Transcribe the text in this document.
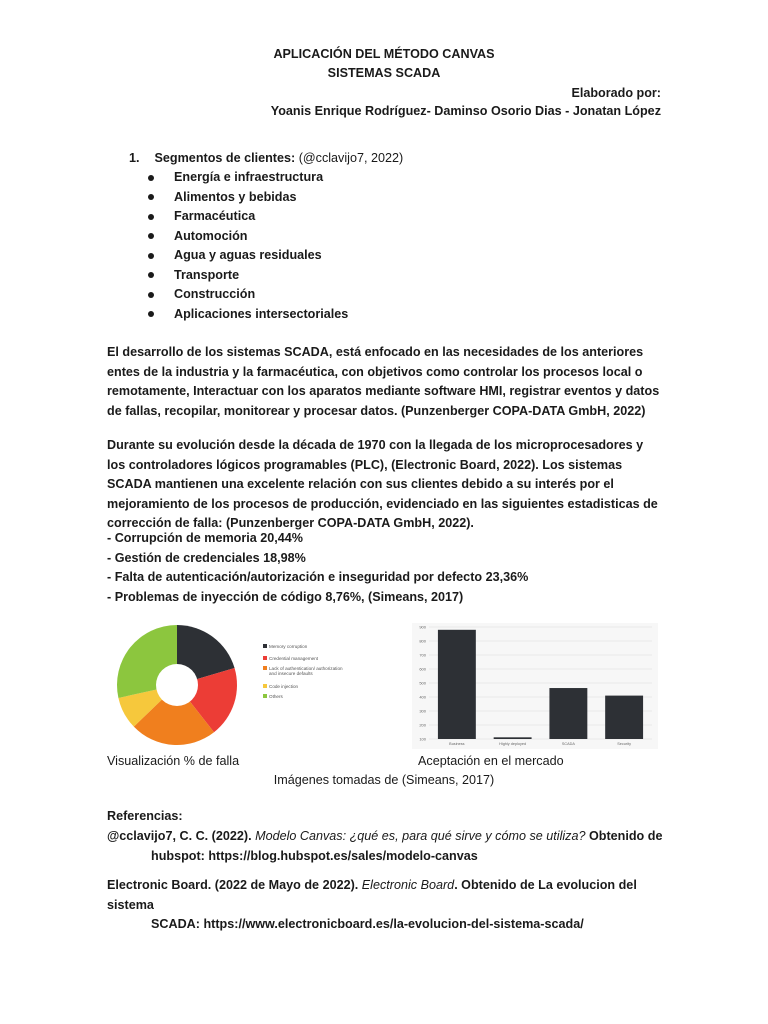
APLICACIÓN DEL MÉTODO CANVAS
SISTEMAS SCADA
Elaborado por:
Yoanis Enrique Rodríguez- Daminso Osorio Dias - Jonatan López
1. Segmentos de clientes: (@cclavijo7, 2022)
Energía e infraestructura
Alimentos y bebidas
Farmacéutica
Automoción
Agua y aguas residuales
Transporte
Construcción
Aplicaciones intersectoriales

El desarrollo de los sistemas SCADA, está enfocado en las necesidades de los anteriores entes de la industria y la farmacéutica, con objetivos como controlar los procesos local o remotamente, Interactuar con los aparatos mediante software HMI, registrar eventos y datos de fallas, recopilar, monitorear y procesar datos. (Punzenberger COPA-DATA GmbH, 2022)

Durante su evolución desde la década de 1970 con la llegada de los microprocesadores y los controladores lógicos programables (PLC), (Electronic Board, 2022). Los sistemas SCADA mantienen una excelente relación con sus clientes debido a su interés por el mejoramiento de los procesos de producción, evidenciado en las siguientes estadisticas de corrección de falla: (Punzenberger COPA-DATA GmbH, 2022).

- Corrupción de memoria 20,44%

- Gestión de credenciales 18,98%

- Falta de autenticación/autorización e inseguridad por defecto 23,36%

- Problemas de inyección de código 8,76%, (Simeans, 2017)

Memory corruption
Credential management
Lack of authentication/ authorization and insecure defaults
Code injection
Others
100
200
300
400
500
600
700
800
900
Business	Highly deployed	SCADA	Security
Visualización % de falla	Aceptación en el mercado
Imágenes tomadas de (Simeans, 2017)
Referencias:
@cclavijo7, C. C. (2022). Modelo Canvas: ¿qué es, para qué sirve y cómo se utiliza? Obtenido de
hubspot: https://blog.hubspot.es/sales/modelo-canvas
Electronic Board. (2022 de Mayo de 2022). Electronic Board. Obtenido de La evolucion del sistema
SCADA: https://www.electronicboard.es/la-evolucion-del-sistema-scada/
